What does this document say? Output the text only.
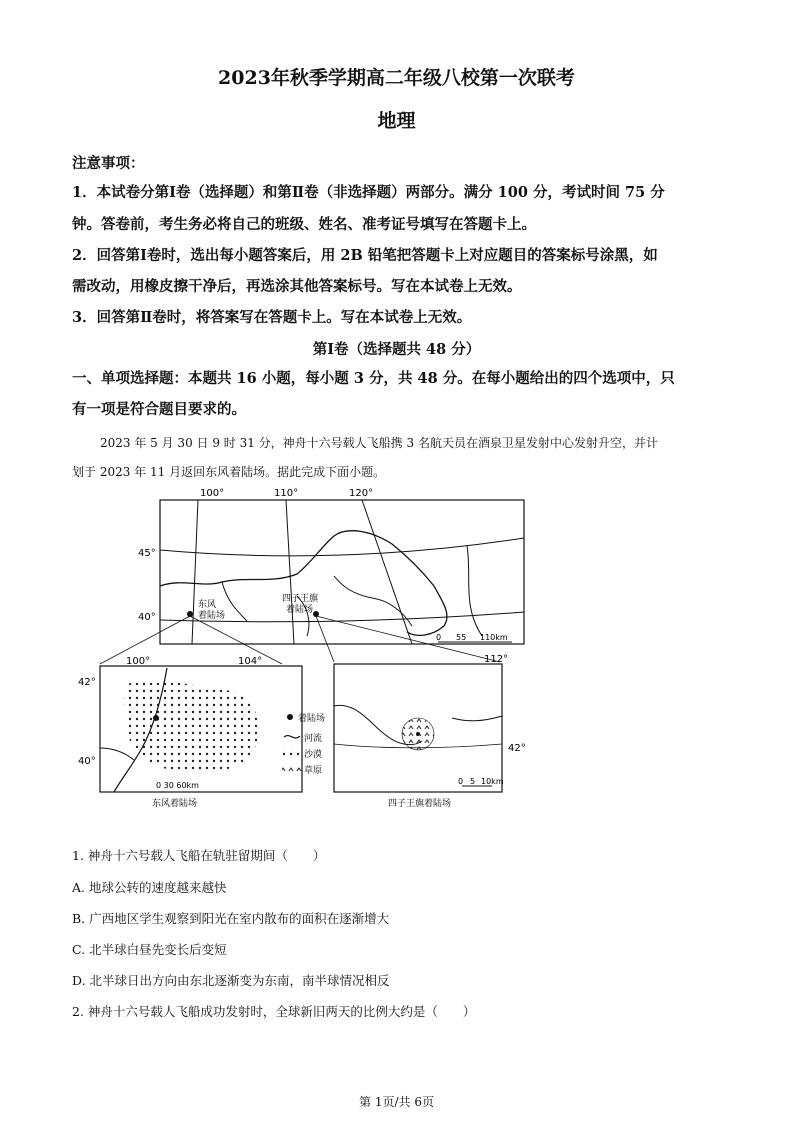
2023年秋季学期高二年级八校第一次联考
地理
注意事项：
1．本试卷分第Ⅰ卷（选择题）和第Ⅱ卷（非选择题）两部分。满分 100 分，考试时间 75 分
钟。答卷前，考生务必将自己的班级、姓名、准考证号填写在答题卡上。
2．回答第Ⅰ卷时，选出每小题答案后，用 2B 铅笔把答题卡上对应题目的答案标号涂黑，如
需改动，用橡皮擦干净后，再选涂其他答案标号。写在本试卷上无效。
3．回答第Ⅱ卷时，将答案写在答题卡上。写在本试卷上无效。
第Ⅰ卷（选择题共 48 分）
一、单项选择题：本题共 16 小题，每小题 3 分，共 48 分。在每小题给出的四个选项中，只
有一项是符合题目要求的。
2023 年 5 月 30 日 9 时 31 分，神舟十六号载人飞船携 3 名航天员在酒泉卫星发射中心发射升空，并计
划于 2023 年 11 月返回东风着陆场。据此完成下面小题。
100°	110°	120°
45°
40°
东风
着陆场
四子王旗
着陆场
0 55 110km
100°	104°
42°
40°
0 30 60km
东风着陆场
着陆场
河流
沙漠
草原
112°
42°
0 5 10km
四子王旗着陆场
1. 神舟十六号载人飞船在轨驻留期间（　　）
A. 地球公转的速度越来越快
B. 广西地区学生观察到阳光在室内散布的面积在逐渐增大
C. 北半球白昼先变长后变短
D. 北半球日出方向由东北逐渐变为东南，南半球情况相反
2. 神舟十六号载人飞船成功发射时，全球新旧两天的比例大约是（　　）
第 1页/共 6页
